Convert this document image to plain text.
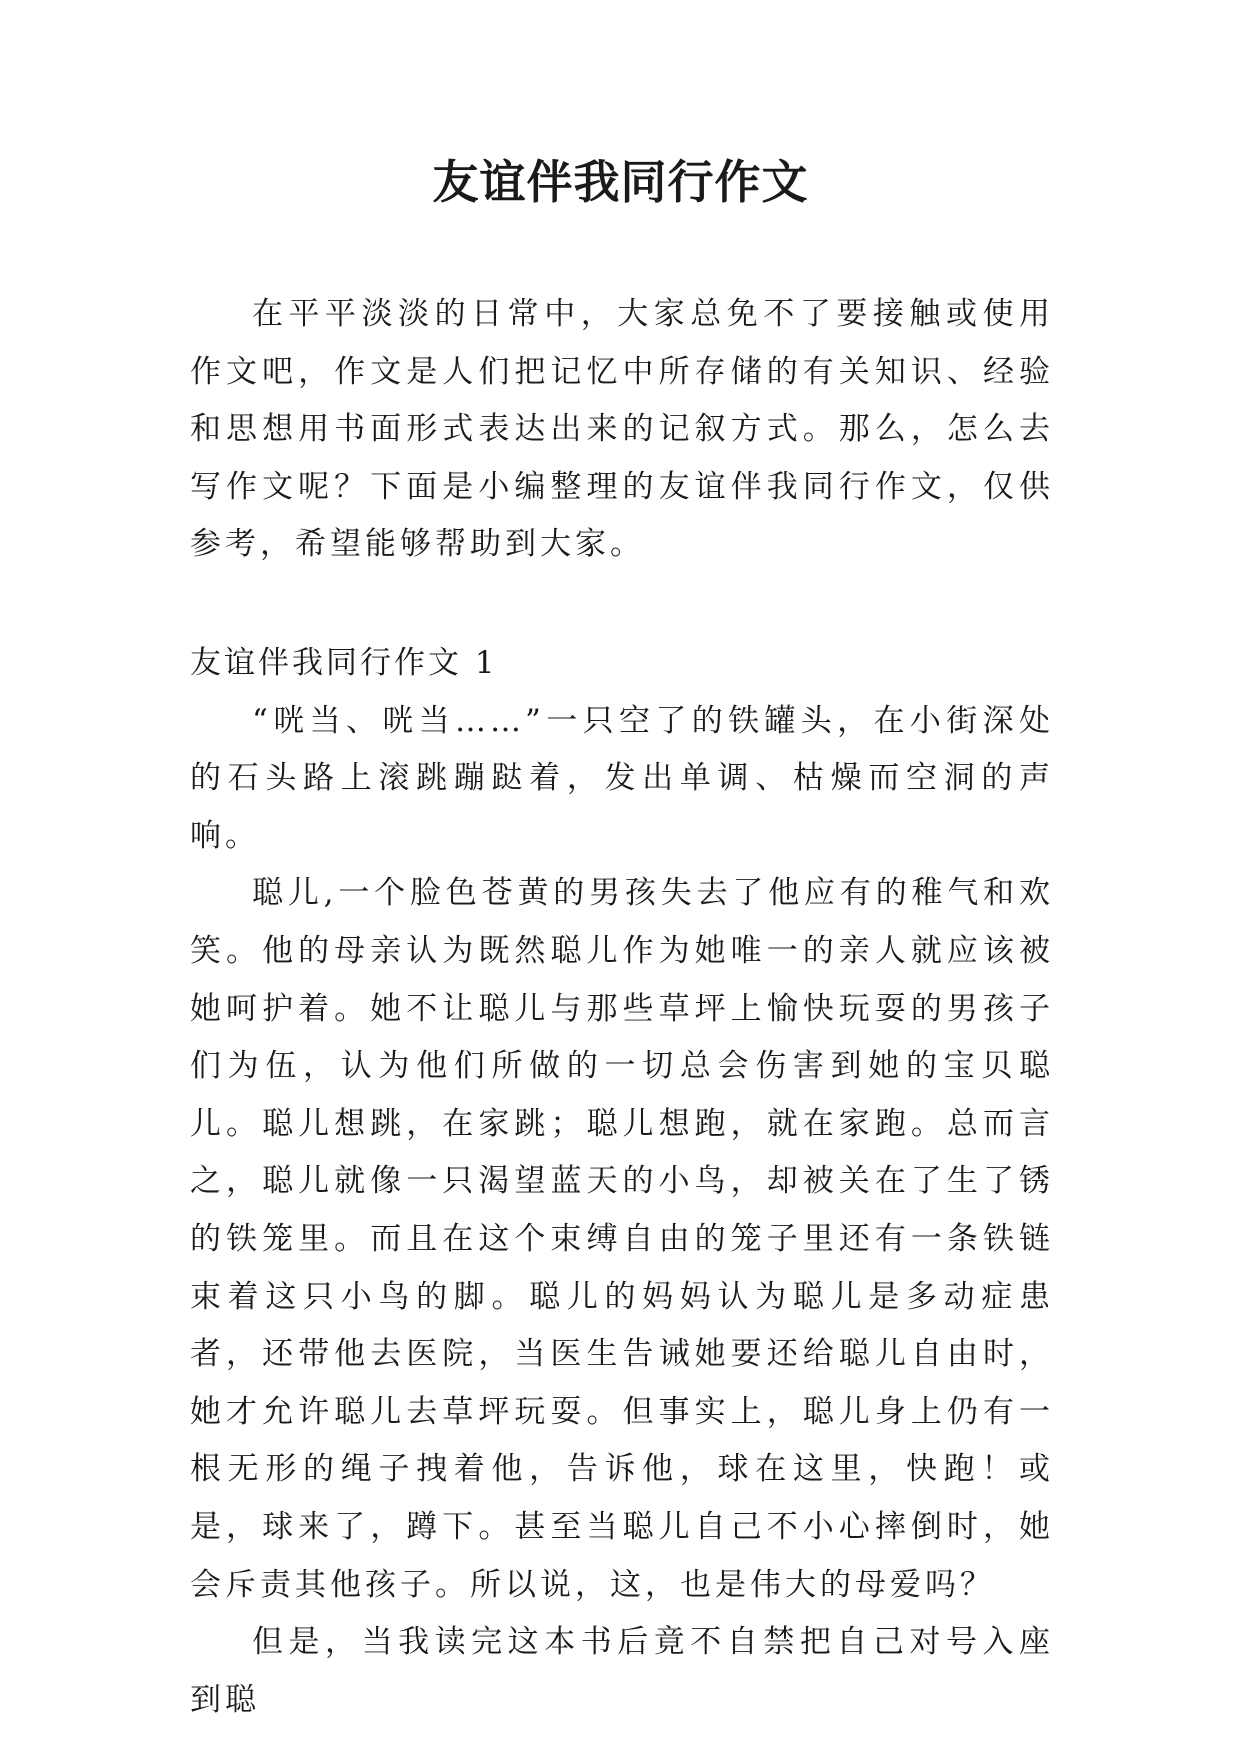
友谊伴我同行作文

在平平淡淡的日常中，大家总免不了要接触或使用作文吧，作文是人们把记忆中所存储的有关知识、经验和思想用书面形式表达出来的记叙方式。那么，怎么去写作文呢？下面是小编整理的友谊伴我同行作文，仅供参考，希望能够帮助到大家。

友谊伴我同行作文 1

“咣当、咣当……”一只空了的铁罐头，在小街深处的石头路上滚跳蹦跶着，发出单调、枯燥而空洞的声响。

聪儿,一个脸色苍黄的男孩失去了他应有的稚气和欢笑。他的母亲认为既然聪儿作为她唯一的亲人就应该被她呵护着。她不让聪儿与那些草坪上愉快玩耍的男孩子们为伍，认为他们所做的一切总会伤害到她的宝贝聪儿。聪儿想跳，在家跳；聪儿想跑，就在家跑。总而言之，聪儿就像一只渴望蓝天的小鸟，却被关在了生了锈的铁笼里。而且在这个束缚自由的笼子里还有一条铁链束着这只小鸟的脚。聪儿的妈妈认为聪儿是多动症患者，还带他去医院，当医生告诫她要还给聪儿自由时，她才允许聪儿去草坪玩耍。但事实上，聪儿身上仍有一根无形的绳子拽着他，告诉他，球在这里，快跑！或是，球来了，蹲下。甚至当聪儿自己不小心摔倒时，她会斥责其他孩子。所以说，这，也是伟大的母爱吗？

但是，当我读完这本书后竟不自禁把自己对号入座到聪
